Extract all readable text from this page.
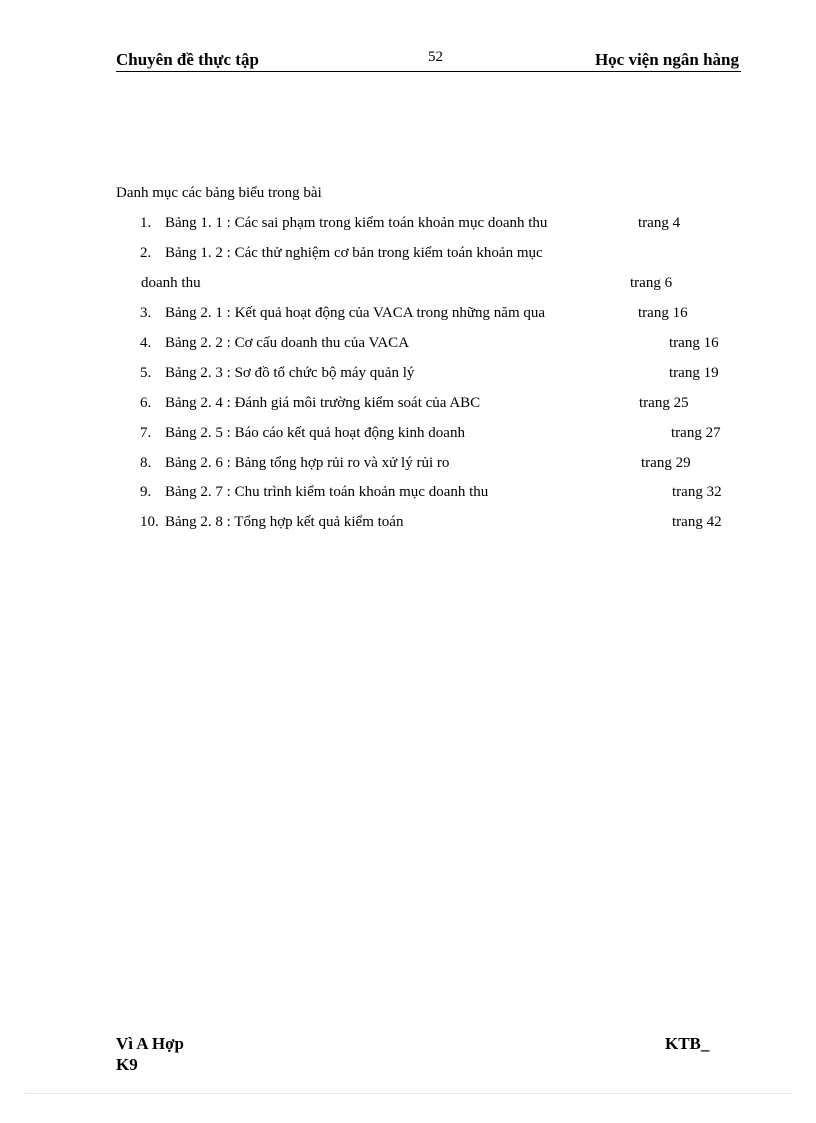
Chuyên đề thực tập	52	Học viện ngân hàng
Danh mục các bảng biểu trong bài
1. Bảng 1. 1 : Các sai phạm trong kiểm toán khoản mục doanh thu	trang 4
2. Bảng 1. 2 : Các thử nghiệm cơ bản trong kiểm toán khoản mục
doanh thu	trang 6
3. Bảng 2. 1 : Kết quả hoạt động của VACA trong những năm qua	trang 16
4. Bảng 2. 2 : Cơ cấu doanh thu của VACA	trang 16
5. Bảng 2. 3 : Sơ đồ tổ chức bộ máy quản lý	trang 19
6. Bảng 2. 4 : Đánh giá môi trường kiểm soát của ABC	trang 25
7. Bảng 2. 5 : Báo cáo kết quả hoạt động kinh doanh	trang 27
8. Bảng 2. 6 : Bảng tổng hợp rủi ro và xử lý rủi ro	trang 29
9. Bảng 2. 7 : Chu trình kiểm toán khoản mục doanh thu	trang 32
10. Bảng 2. 8 : Tổng hợp kết quả kiểm toán	trang 42
Vì A Hợp	KTB_
K9
